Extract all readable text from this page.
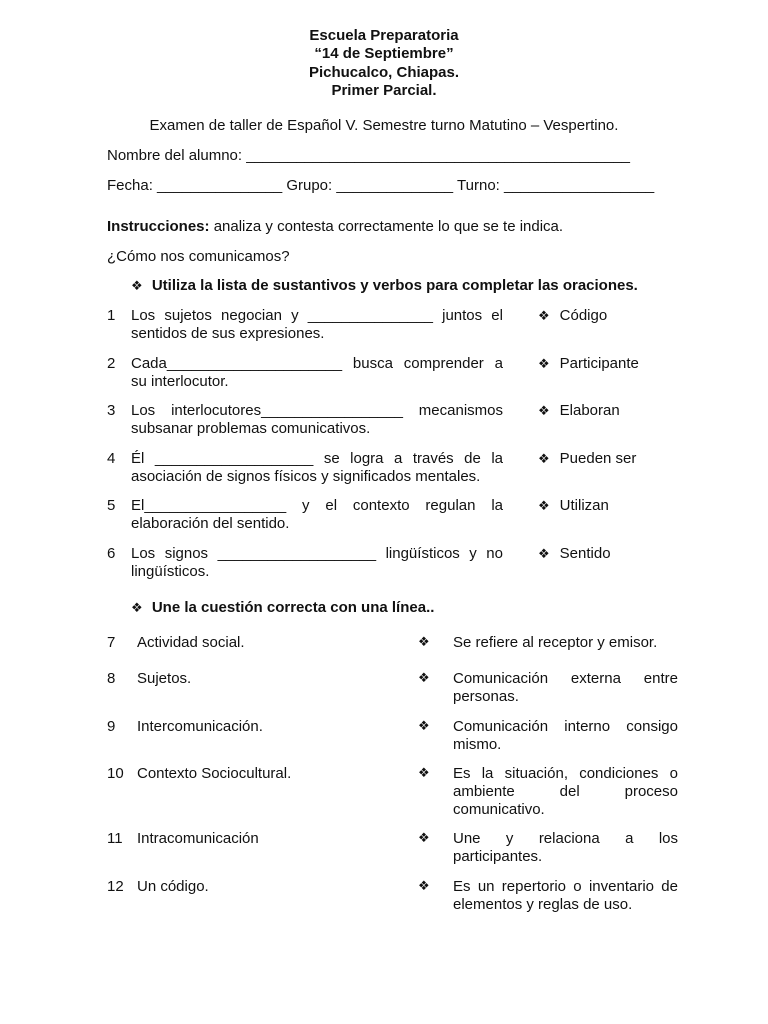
Escuela Preparatoria
“14 de Septiembre”
Pichucalco, Chiapas.
Primer Parcial.
Examen de taller de Español V. Semestre turno Matutino – Vespertino.
Nombre del alumno: ______________________________________________
Fecha: _______________ Grupo: ______________ Turno: __________________
Instrucciones: analiza y contesta correctamente lo que se te indica.
¿Cómo nos comunicamos?
❖ Utiliza la lista de sustantivos y verbos para completar las oraciones.
1 Los sujetos negocian y _______________ juntos el
sentidos de sus expresiones.
2 Cada_____________________ busca comprender a
su interlocutor.
3 Los interlocutores_________________ mecanismos
subsanar problemas comunicativos.
4 Él ___________________ se logra a través de la
asociación de signos físicos y significados mentales.
5 El_________________ y el contexto regulan la
elaboración del sentido.
6 Los signos ___________________ lingüísticos y no
lingüísticos.
❖ Código
❖ Participante
❖ Elaboran
❖ Pueden ser
❖ Utilizan
❖ Sentido
❖ Une la cuestión correcta con una línea..
7 Actividad social.	❖ Se refiere al receptor y emisor.
8 Sujetos.	❖ Comunicación externa entre
personas.
9 Intercomunicación.	❖ Comunicación interno consigo
mismo.
10 Contexto Sociocultural.	❖ Es la situación, condiciones o
ambiente del proceso
comunicativo.
11 Intracomunicación	❖ Une y relaciona a los
participantes.
12 Un código.	❖ Es un repertorio o inventario de
elementos y reglas de uso.
